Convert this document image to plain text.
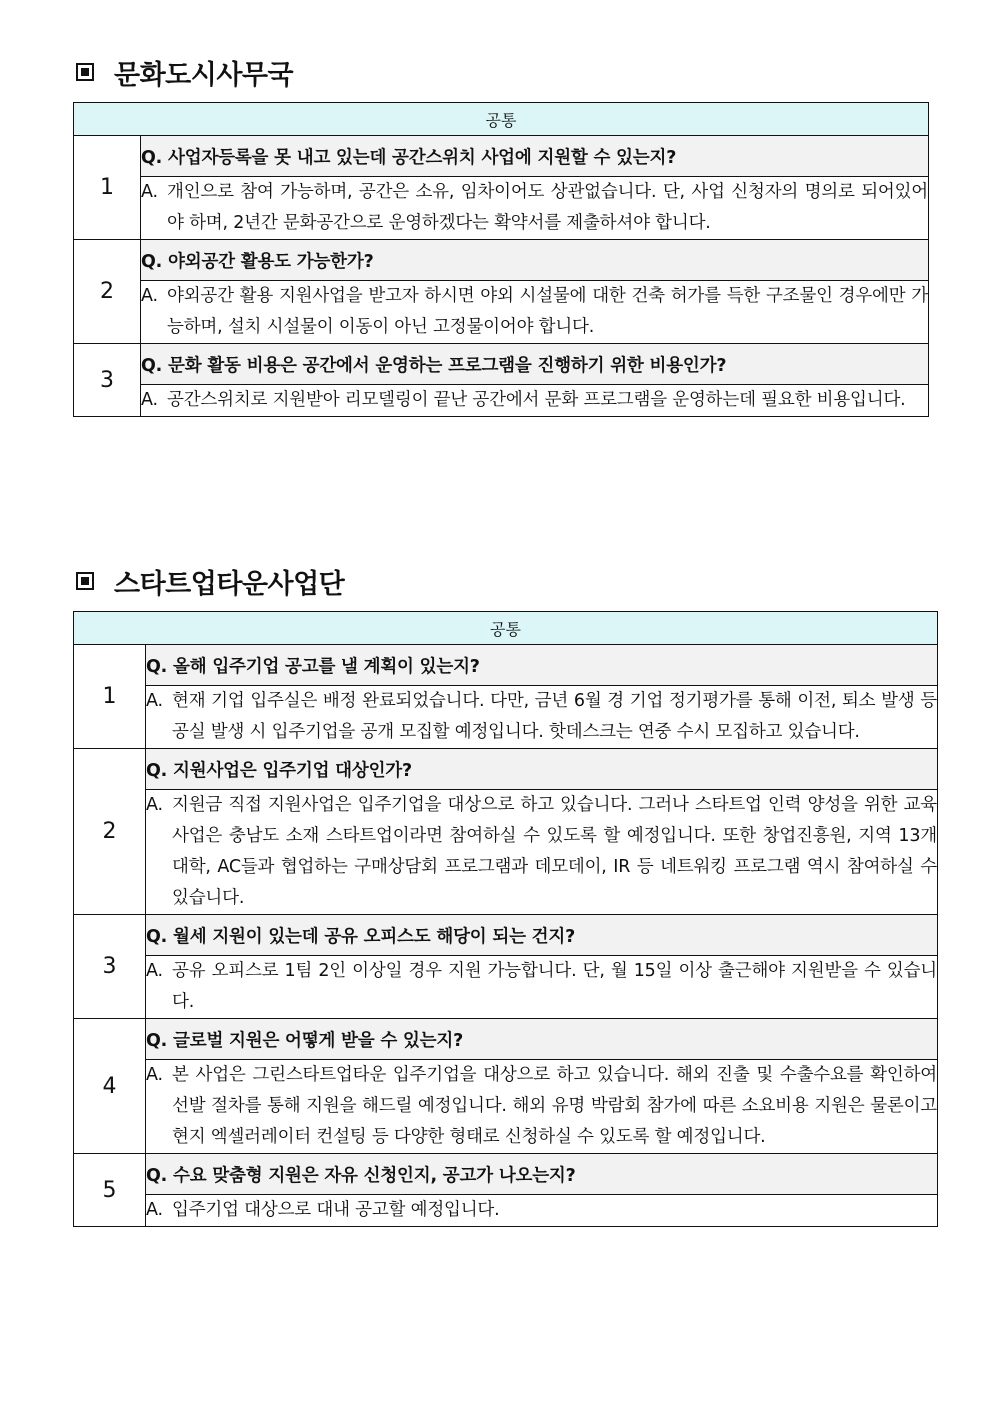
문화도시사무국
공통	
1	Q. 사업자등록을 못 내고 있는데 공간스위치 사업에 지원할 수 있는지?

	A. 개인으로 참여 가능하며, 공간은 소유, 임차이어도 상관없습니다. 단, 사업 신청자의 명의로 되어있어야 하며, 2년간 문화공간으로 운영하겠다는 확약서를 제출하셔야 합니다.

2	Q. 야외공간 활용도 가능한가?

	A. 야외공간 활용 지원사업을 받고자 하시면 야외 시설물에 대한 건축 허가를 득한 구조물인 경우에만 가능하며, 설치 시설물이 이동이 아닌 고정물이어야 합니다.

3	Q. 문화 활동 비용은 공간에서 운영하는 프로그램을 진행하기 위한 비용인가?

	A. 공간스위치로 지원받아 리모델링이 끝난 공간에서 문화 프로그램을 운영하는데 필요한 비용입니다.
스타트업타운사업단
공통	
1	Q. 올해 입주기업 공고를 낼 계획이 있는지?

	A. 현재 기업 입주실은 배정 완료되었습니다. 다만, 금년 6월 경 기업 정기평가를 통해 이전, 퇴소 발생 등 공실 발생 시 입주기업을 공개 모집할 예정입니다. 핫데스크는 연중 수시 모집하고 있습니다.

2	Q. 지원사업은 입주기업 대상인가?

	A. 지원금 직접 지원사업은 입주기업을 대상으로 하고 있습니다. 그러나 스타트업 인력 양성을 위한 교육사업은 충남도 소재 스타트업이라면 참여하실 수 있도록 할 예정입니다. 또한 창업진흥원, 지역 13개 대학, AC들과 협업하는 구매상담회 프로그램과 데모데이, IR 등 네트워킹 프로그램 역시 참여하실 수 있습니다.

3	Q. 월세 지원이 있는데 공유 오피스도 해당이 되는 건지?

	A. 공유 오피스로 1팀 2인 이상일 경우 지원 가능합니다. 단, 월 15일 이상 출근해야 지원받을 수 있습니다.

4	Q. 글로벌 지원은 어떻게 받을 수 있는지?

	A. 본 사업은 그린스타트업타운 입주기업을 대상으로 하고 있습니다. 해외 진출 및 수출수요를 확인하여 선발 절차를 통해 지원을 해드릴 예정입니다. 해외 유명 박람회 참가에 따른 소요비용 지원은 물론이고 현지 엑셀러레이터 컨설팅 등 다양한 형태로 신청하실 수 있도록 할 예정입니다.

5	Q. 수요 맞춤형 지원은 자유 신청인지, 공고가 나오는지?

	A. 입주기업 대상으로 대내 공고할 예정입니다.
